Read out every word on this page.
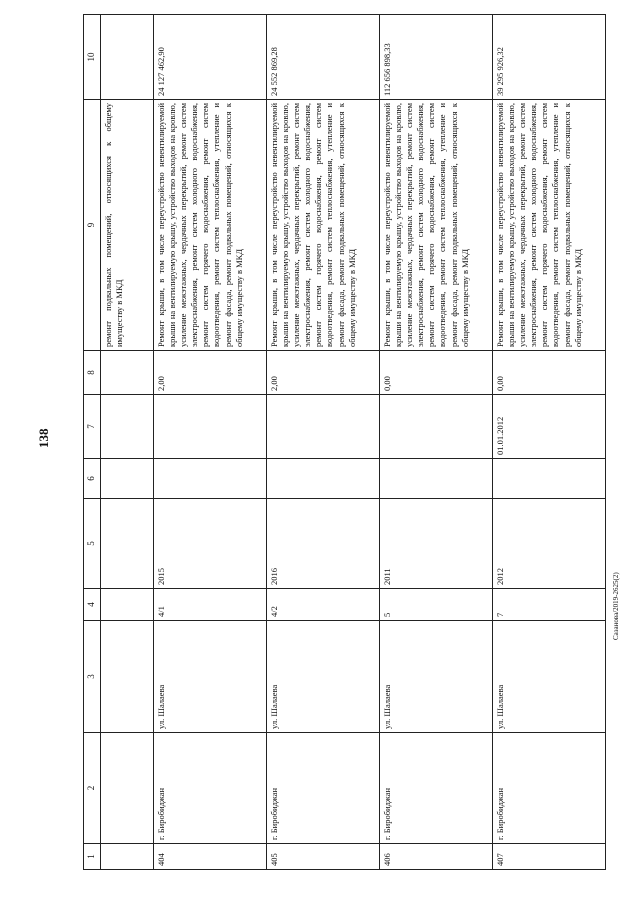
138
Сазанова/2019-2625(2)
1	2	3	4	5	6	7	8	9	10
								ремонт подвальных помещений, относящихся к общему имуществу в МКД	
404	г. Биробиджан	ул. Шалаева	4/1	2015			2,00	Ремонт крыши, в том числе переустройство невентилируемой крыши на вентилируемую крышу, устройство выходов на кровлю, усиление межэтажных, чердачных перекрытий, ремонт систем электроснабжения, ремонт систем холодного водоснабжения, ремонт систем горячего водоснабжения, ремонт систем водоотведения, ремонт систем теплоснабжения, утепление и ремонт фасада, ремонт подвальных помещений, относящихся к общему имуществу в МКД	24 127 462,90
405	г. Биробиджан	ул. Шалаева	4/2	2016			2,00	Ремонт крыши, в том числе переустройство невентилируемой крыши на вентилируемую крышу, устройство выходов на кровлю, усиление межэтажных, чердачных перекрытий, ремонт систем электроснабжения, ремонт систем холодного водоснабжения, ремонт систем горячего водоснабжения, ремонт систем водоотведения, ремонт систем теплоснабжения, утепление и ремонт фасада, ремонт подвальных помещений, относящихся к общему имуществу в МКД	24 552 869,28
406	г. Биробиджан	ул. Шалаева	5	2011			0,00	Ремонт крыши, в том числе переустройство невентилируемой крыши на вентилируемую крышу, устройство выходов на кровлю, усиление межэтажных, чердачных перекрытий, ремонт систем электроснабжения, ремонт систем холодного водоснабжения, ремонт систем горячего водоснабжения, ремонт систем водоотведения, ремонт систем теплоснабжения, утепление и ремонт фасада, ремонт подвальных помещений, относящихся к общему имуществу в МКД	112 656 898,33
407	г. Биробиджан	ул. Шалаева	7	2012		01.01.2012	0,00	Ремонт крыши, в том числе переустройство невентилируемой крыши на вентилируемую крышу, устройство выходов на кровлю, усиление межэтажных, чердачных перекрытий, ремонт систем электроснабжения, ремонт систем холодного водоснабжения, ремонт систем горячего водоснабжения, ремонт систем водоотведения, ремонт систем теплоснабжения, утепление и ремонт фасада, ремонт подвальных помещений, относящихся к общему имуществу в МКД	39 295 926,32
